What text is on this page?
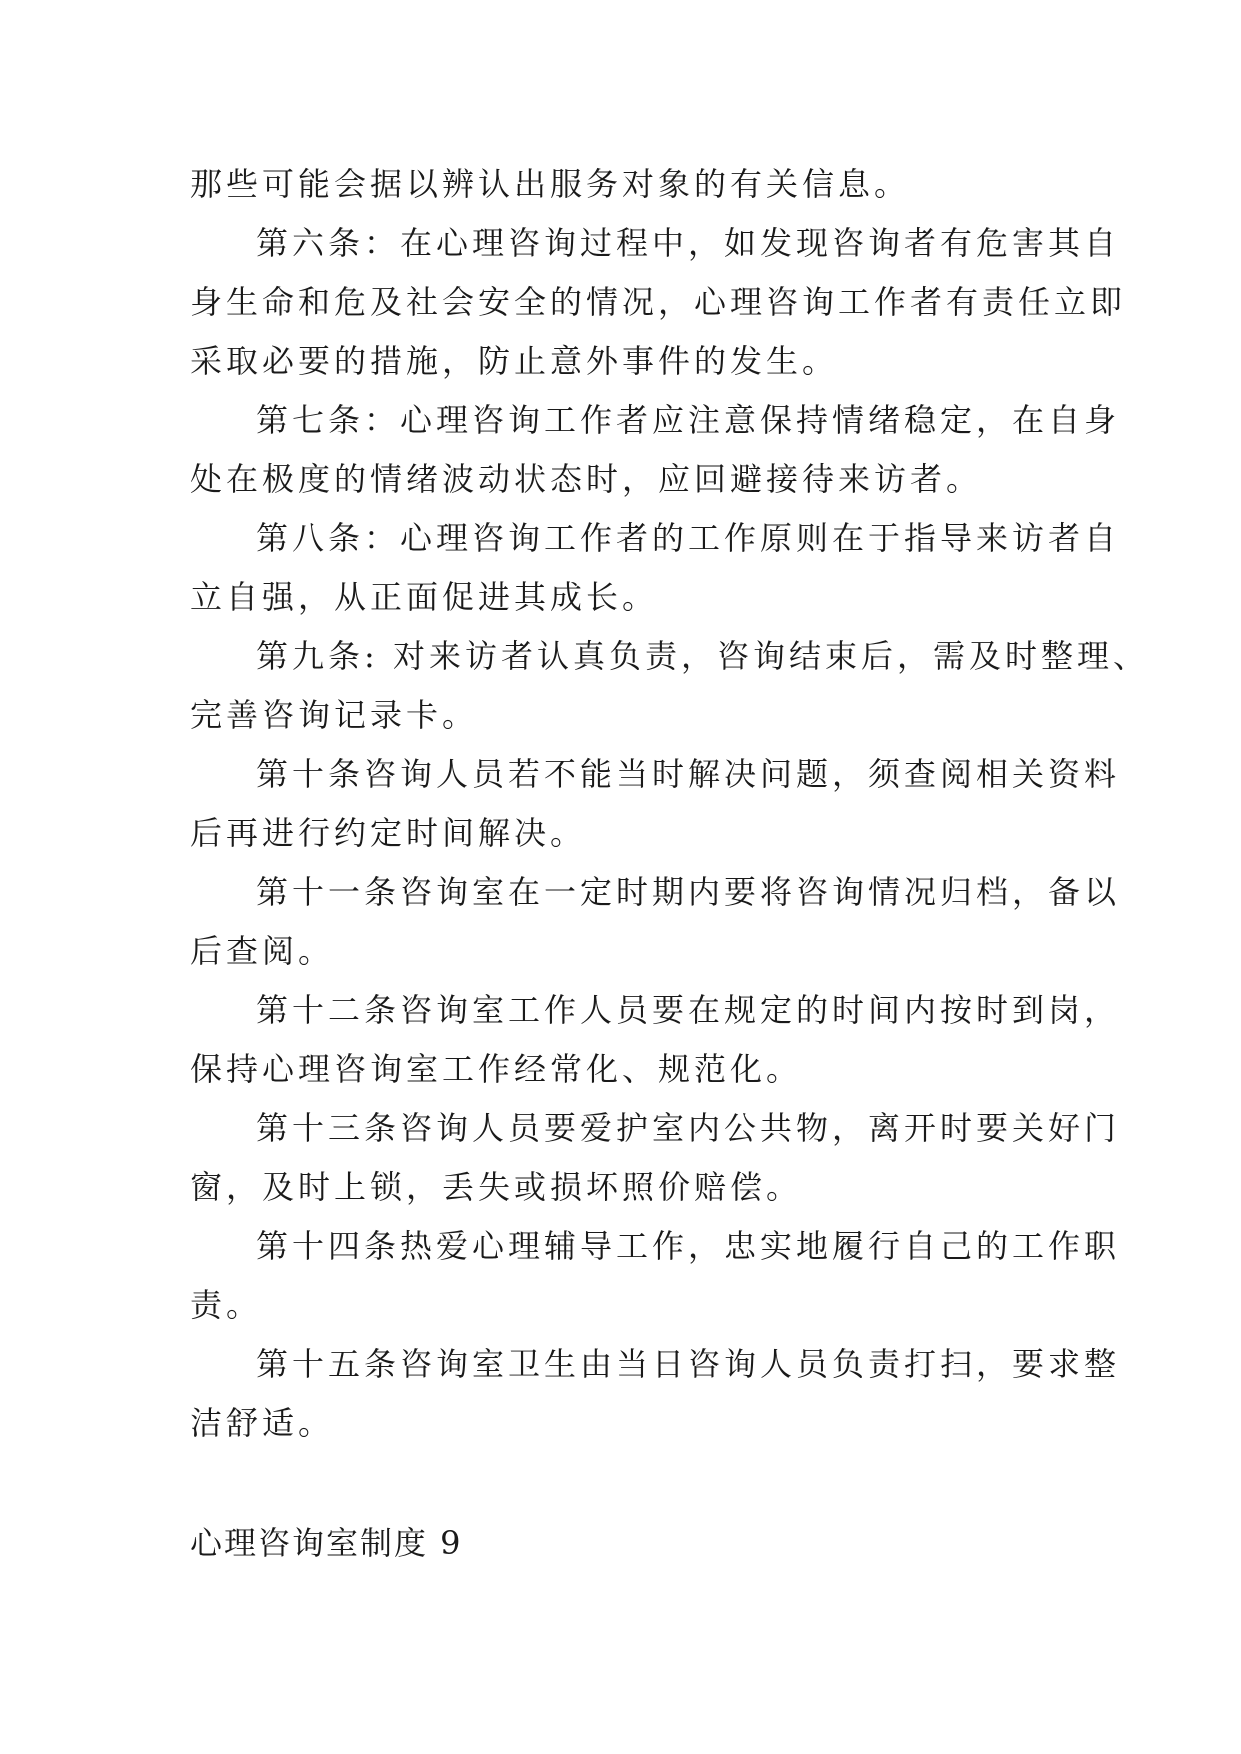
那些可能会据以辨认出服务对象的有关信息。
第六条：在心理咨询过程中，如发现咨询者有危害其自
身生命和危及社会安全的情况，心理咨询工作者有责任立即
采取必要的措施，防止意外事件的发生。
第七条：心理咨询工作者应注意保持情绪稳定，在自身
处在极度的情绪波动状态时，应回避接待来访者。
第八条：心理咨询工作者的工作原则在于指导来访者自
立自强，从正面促进其成长。
第九条: 对来访者认真负责，咨询结束后，需及时整理、
完善咨询记录卡。
第十条咨询人员若不能当时解决问题，须查阅相关资料
后再进行约定时间解决。
第十一条咨询室在一定时期内要将咨询情况归档，备以
后查阅。
第十二条咨询室工作人员要在规定的时间内按时到岗，
保持心理咨询室工作经常化、规范化。
第十三条咨询人员要爱护室内公共物，离开时要关好门
窗，及时上锁，丢失或损坏照价赔偿。
第十四条热爱心理辅导工作，忠实地履行自己的工作职
责。
第十五条咨询室卫生由当日咨询人员负责打扫，要求整
洁舒适。
心理咨询室制度 9
